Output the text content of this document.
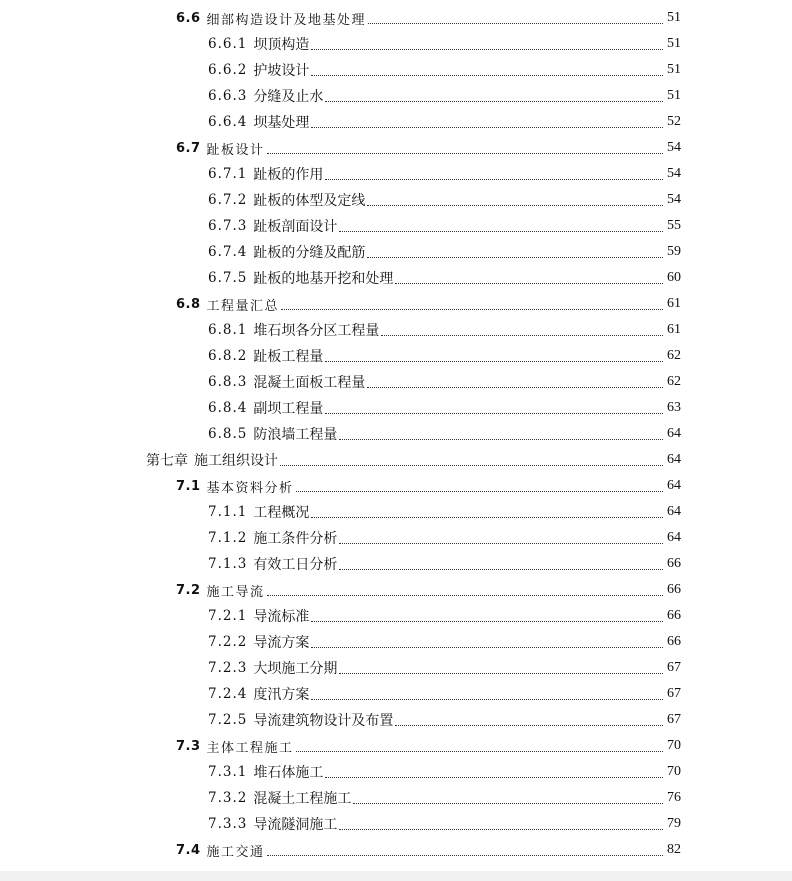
6.6 细部构造设计及地基处理	51
6.6.1 坝顶构造	51
6.6.2 护坡设计	51
6.6.3 分缝及止水	51
6.6.4 坝基处理	52
6.7 趾板设计	54
6.7.1 趾板的作用	54
6.7.2 趾板的体型及定线	54
6.7.3 趾板剖面设计	55
6.7.4 趾板的分缝及配筋	59
6.7.5 趾板的地基开挖和处理	60
6.8 工程量汇总	61
6.8.1 堆石坝各分区工程量	61
6.8.2 趾板工程量	62
6.8.3 混凝土面板工程量	62
6.8.4 副坝工程量	63
6.8.5 防浪墙工程量	64
第七章 施工组织设计	64
7.1 基本资料分析	64
7.1.1 工程概况	64
7.1.2 施工条件分析	64
7.1.3 有效工日分析	66
7.2 施工导流	66
7.2.1 导流标准	66
7.2.2 导流方案	66
7.2.3 大坝施工分期	67
7.2.4 度汛方案	67
7.2.5 导流建筑物设计及布置	67
7.3 主体工程施工	70
7.3.1 堆石体施工	70
7.3.2 混凝土工程施工	76
7.3.3 导流隧洞施工	79
7.4 施工交通	82
